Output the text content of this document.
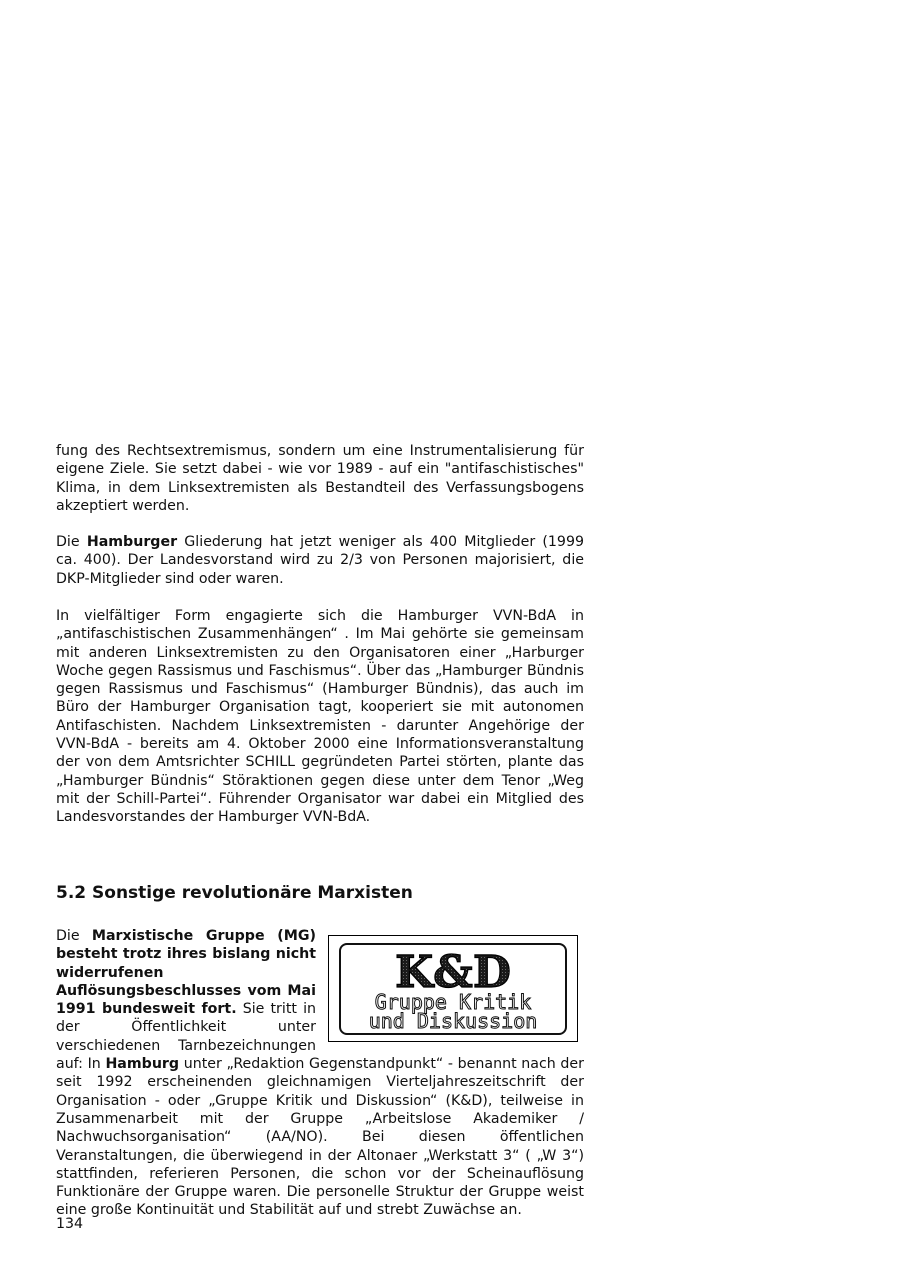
fung des Rechtsextremismus, sondern um eine Instrumentalisierung für eigene Ziele. Sie setzt dabei - wie vor 1989 - auf ein "antifaschistisches" Klima, in dem Linksextremisten als Bestandteil des Verfassungsbogens akzeptiert werden.

Die Hamburger Gliederung hat jetzt weniger als 400 Mitglieder (1999 ca. 400). Der Landesvorstand wird zu 2/3 von Personen majorisiert, die DKP-Mitglieder sind oder waren.

In vielfältiger Form engagierte sich die Hamburger VVN-BdA in „antifaschistischen Zusammenhängen“ . Im Mai gehörte sie gemeinsam mit anderen Linksextremisten zu den Organisatoren einer „Harburger Woche gegen Rassismus und Faschismus“. Über das „Hamburger Bündnis gegen Rassismus und Faschismus“ (Hamburger Bündnis), das auch im Büro der Hamburger Organisation tagt, kooperiert sie mit autonomen Antifaschisten. Nachdem Linksextremisten - darunter Angehörige der VVN-BdA - bereits am 4. Oktober 2000 eine Informationsveranstaltung der von dem Amtsrichter SCHILL gegründeten Partei störten, plante das „Hamburger Bündnis“ Störaktionen gegen diese unter dem Tenor „Weg mit der Schill-Partei“. Führender Organisator war dabei ein Mitglied des Landesvorstandes der Hamburger VVN-BdA.

5.2 Sonstige revolutionäre Marxisten
K&D
Gruppe Kritik
und Diskussion
Die Marxistische Gruppe (MG) besteht trotz ihres bislang nicht widerrufenen Auflösungsbeschlusses vom Mai 1991 bundesweit fort. Sie tritt in der Öffentlichkeit unter verschiedenen Tarnbezeichnungen auf: In Hamburg unter „Redaktion Gegenstandpunkt“ - benannt nach der seit 1992 erscheinenden gleichnamigen Vierteljahreszeitschrift der Organisation - oder „Gruppe Kritik und Diskussion“ (K&D), teilweise in Zusammenarbeit mit der Gruppe „Arbeitslose Akademiker / Nachwuchsorganisation“ (AA/NO). Bei diesen öffentlichen Veranstaltungen, die überwiegend in der Altonaer „Werkstatt 3“ ( „W 3“) stattfinden, referieren Personen, die schon vor der Scheinauflösung Funktionäre der Gruppe waren. Die personelle Struktur der Gruppe weist eine große Kontinuität und Stabilität auf und strebt Zuwächse an.
134
